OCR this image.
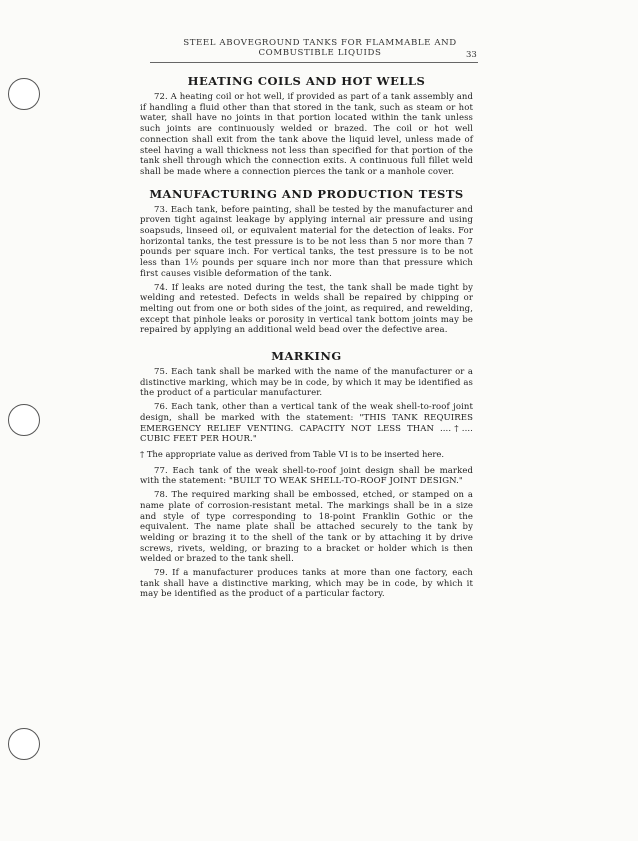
STEEL ABOVEGROUND TANKS FOR FLAMMABLE AND
COMBUSTIBLE LIQUIDS	33
HEATING COILS AND HOT WELLS

72. A heating coil or hot well, if provided as part of a tank assembly and if handling a fluid other than that stored in the tank, such as steam or hot water, shall have no joints in that portion located within the tank unless such joints are continuously welded or brazed. The coil or hot well connection shall exit from the tank above the liquid level, unless made of steel having a wall thickness not less than specified for that portion of the tank shell through which the connection exits. A continuous full fillet weld shall be made where a connection pierces the tank or a manhole cover.

MANUFACTURING AND PRODUCTION TESTS

73. Each tank, before painting, shall be tested by the manufacturer and proven tight against leakage by applying internal air pressure and using soapsuds, linseed oil, or equivalent material for the detection of leaks. For horizontal tanks, the test pressure is to be not less than 5 nor more than 7 pounds per square inch. For vertical tanks, the test pressure is to be not less than 1½ pounds per square inch nor more than that pressure which first causes visible deformation of the tank.

74. If leaks are noted during the test, the tank shall be made tight by welding and retested. Defects in welds shall be repaired by chipping or melting out from one or both sides of the joint, as required, and rewelding, except that pinhole leaks or porosity in vertical tank bottom joints may be repaired by applying an additional weld bead over the defective area.

MARKING

75. Each tank shall be marked with the name of the manufacturer or a distinctive marking, which may be in code, by which it may be identified as the product of a particular manufacturer.

76. Each tank, other than a vertical tank of the weak shell-to-roof joint design, shall be marked with the statement: "THIS TANK REQUIRES EMERGENCY RELIEF VENTING. CAPACITY NOT LESS THAN ....†.... CUBIC FEET PER HOUR."

† The appropriate value as derived from Table VI is to be inserted here.

77. Each tank of the weak shell-to-roof joint design shall be marked with the statement: "BUILT TO WEAK SHELL-TO-ROOF JOINT DESIGN."

78. The required marking shall be embossed, etched, or stamped on a name plate of corrosion-resistant metal. The markings shall be in a size and style of type corresponding to 18-point Franklin Gothic or the equivalent. The name plate shall be attached securely to the tank by welding or brazing it to the shell of the tank or by attaching it by drive screws, rivets, welding, or brazing to a bracket or holder which is then welded or brazed to the tank shell.

79. If a manufacturer produces tanks at more than one factory, each tank shall have a distinctive marking, which may be in code, by which it may be identified as the product of a particular factory.
